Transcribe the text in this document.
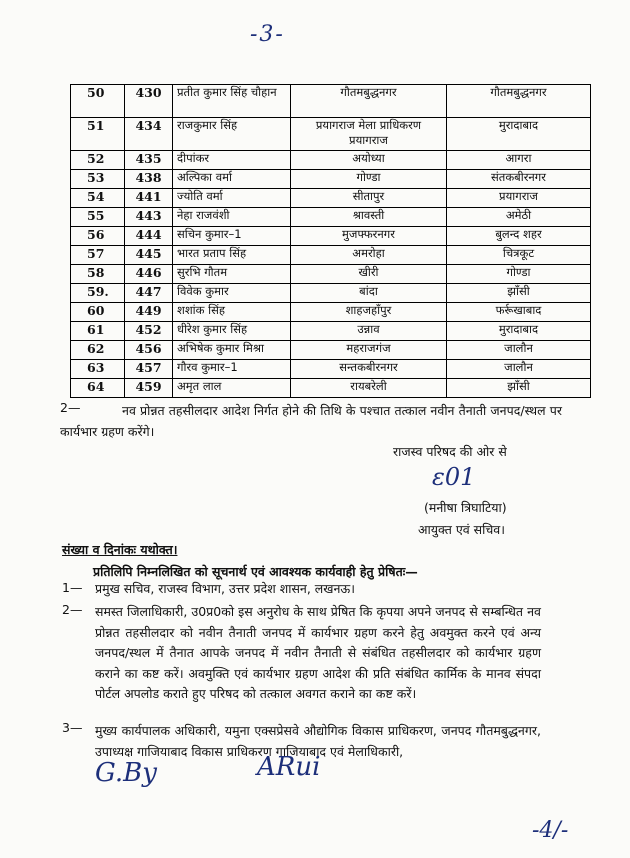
-3-
50	430	प्रतीत कुमार सिंह चौहान	गौतमबुद्धनगर	गौतमबुद्धनगर
51	434	राजकुमार सिंह	प्रयागराज मेला प्राधिकरण प्रयागराज	मुरादाबाद
52	435	दीपांकर	अयोध्या	आगरा
53	438	अल्पिका वर्मा	गोण्डा	संतकबीरनगर
54	441	ज्योति वर्मा	सीतापुर	प्रयागराज
55	443	नेहा राजवंशी	श्रावस्ती	अमेठी
56	444	सचिन कुमार–1	मुजफ्फरनगर	बुलन्द शहर
57	445	भारत प्रताप सिंह	अमरोहा	चित्रकूट
58	446	सुरभि गौतम	खीरी	गोण्डा
59.	447	विवेक कुमार	बांदा	झाँसी
60	449	शशांक सिंह	शाहजहाँपुर	फर्रूखाबाद
61	452	धीरेश कुमार सिंह	उन्नाव	मुरादाबाद
62	456	अभिषेक कुमार मिश्रा	महराजगंज	जालौन
63	457	गौरव कुमार–1	सन्तकबीरनगर	जालौन
64	459	अमृत लाल	रायबरेली	झाँसी
2—	नव प्रोन्नत तहसीलदार आदेश निर्गत होने की तिथि के पश्चात तत्काल नवीन तैनाती जनपद/स्थल पर कार्यभार ग्रहण करेंगे।
राजस्व परिषद की ओर से
ε01
(मनीषा त्रिघाटिया)
आयुक्त एवं सचिव।
संख्या व दिनांकः यथोक्त।
प्रतिलिपि निम्नलिखित को सूचनार्थ एवं आवश्यक कार्यवाही हेतु प्रेषितः—
1— प्रमुख सचिव, राजस्व विभाग, उत्तर प्रदेश शासन, लखनऊ।
2— समस्त जिलाधिकारी, उ0प्र0को इस अनुरोध के साथ प्रेषित कि कृपया अपने जनपद से सम्बन्धित नव प्रोन्नत तहसीलदार को नवीन तैनाती जनपद में कार्यभार ग्रहण करने हेतु अवमुक्त करने एवं अन्य जनपद/स्थल में तैनात आपके जनपद में नवीन तैनाती से संबंधित तहसीलदार को कार्यभार ग्रहण कराने का कष्ट करें। अवमुक्ति एवं कार्यभार ग्रहण आदेश की प्रति संबंधित कार्मिक के मानव संपदा पोर्टल अपलोड कराते हुए परिषद को तत्काल अवगत कराने का कष्ट करें।
3— मुख्य कार्यपालक अधिकारी, यमुना एक्सप्रेसवे औद्योगिक विकास प्राधिकरण, जनपद गौतमबुद्धनगर, उपाध्यक्ष गाजियाबाद विकास प्राधिकरण गाजियाबाद एवं मेलाधिकारी,
G.By	ARui
-4/-
